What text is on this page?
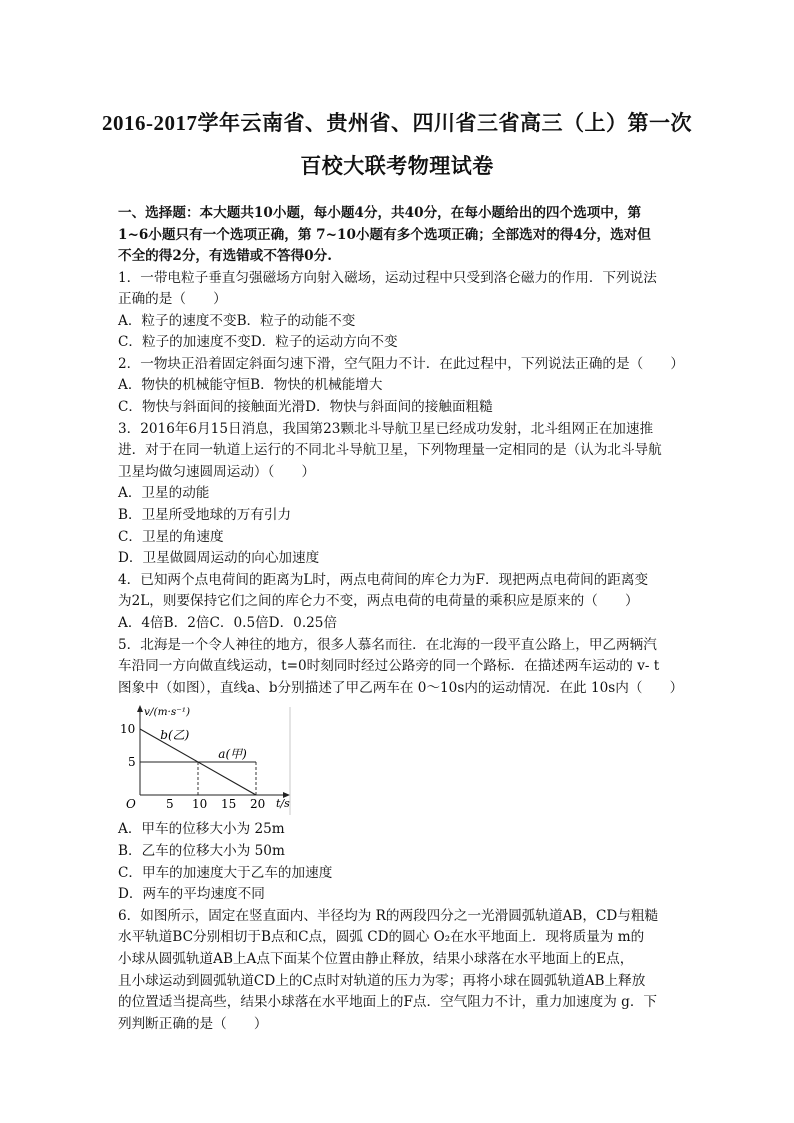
2016-2017学年云南省、贵州省、四川省三省高三（上）第一次
百校大联考物理试卷
一、选择题：本大题共10小题，每小题4分，共40分，在每小题给出的四个选项中，第
1~6小题只有一个选项正确，第 7~10小题有多个选项正确；全部选对的得4分，选对但
不全的得2分，有选错或不答得0分.
1．一带电粒子垂直匀强磁场方向射入磁场，运动过程中只受到洛仑磁力的作用．下列说法
正确的是（　　）
A．粒子的速度不变B．粒子的动能不变
C．粒子的加速度不变D．粒子的运动方向不变
2．一物块正沿着固定斜面匀速下滑，空气阻力不计．在此过程中，下列说法正确的是（　　）
A．物快的机械能守恒B．物快的机械能增大
C．物快与斜面间的接触面光滑D．物快与斜面间的接触面粗糙
3．2016年6月15日消息，我国第23颗北斗导航卫星已经成功发射，北斗组网正在加速推
进．对于在同一轨道上运行的不同北斗导航卫星，下列物理量一定相同的是（认为北斗导航
卫星均做匀速圆周运动）（　　）
A．卫星的动能
B．卫星所受地球的万有引力
C．卫星的角速度
D．卫星做圆周运动的向心加速度
4．已知两个点电荷间的距离为L时，两点电荷间的库仑力为F．现把两点电荷间的距离变
为2L，则要保持它们之间的库仑力不变，两点电荷的电荷量的乘积应是原来的（　　）
A．4倍B．2倍C．0.5倍D．0.25倍
5．北海是一个令人神往的地方，很多人慕名而往．在北海的一段平直公路上，甲乙两辆汽
车沿同一方向做直线运动，t=0时刻同时经过公路旁的同一个路标．在描述两车运动的 v- t
图象中（如图），直线a、b分别描述了甲乙两车在 0～10s内的运动情况．在此 10s内（　　）
v/(m·s⁻¹)
t/s
O	5 10 15 20
5
10 b(乙)
a(甲)
A．甲车的位移大小为 25m
B．乙车的位移大小为 50m
C．甲车的加速度大于乙车的加速度
D．两车的平均速度不同
6．如图所示，固定在竖直面内、半径均为 R的两段四分之一光滑圆弧轨道AB，CD与粗糙
水平轨道BC分别相切于B点和C点，圆弧 CD的圆心 O₂在水平地面上．现将质量为 m的
小球从圆弧轨道AB上A点下面某个位置由静止释放，结果小球落在水平地面上的E点，
且小球运动到圆弧轨道CD上的C点时对轨道的压力为零；再将小球在圆弧轨道AB上释放
的位置适当提高些，结果小球落在水平地面上的F点．空气阻力不计，重力加速度为 g．下
列判断正确的是（　　）
